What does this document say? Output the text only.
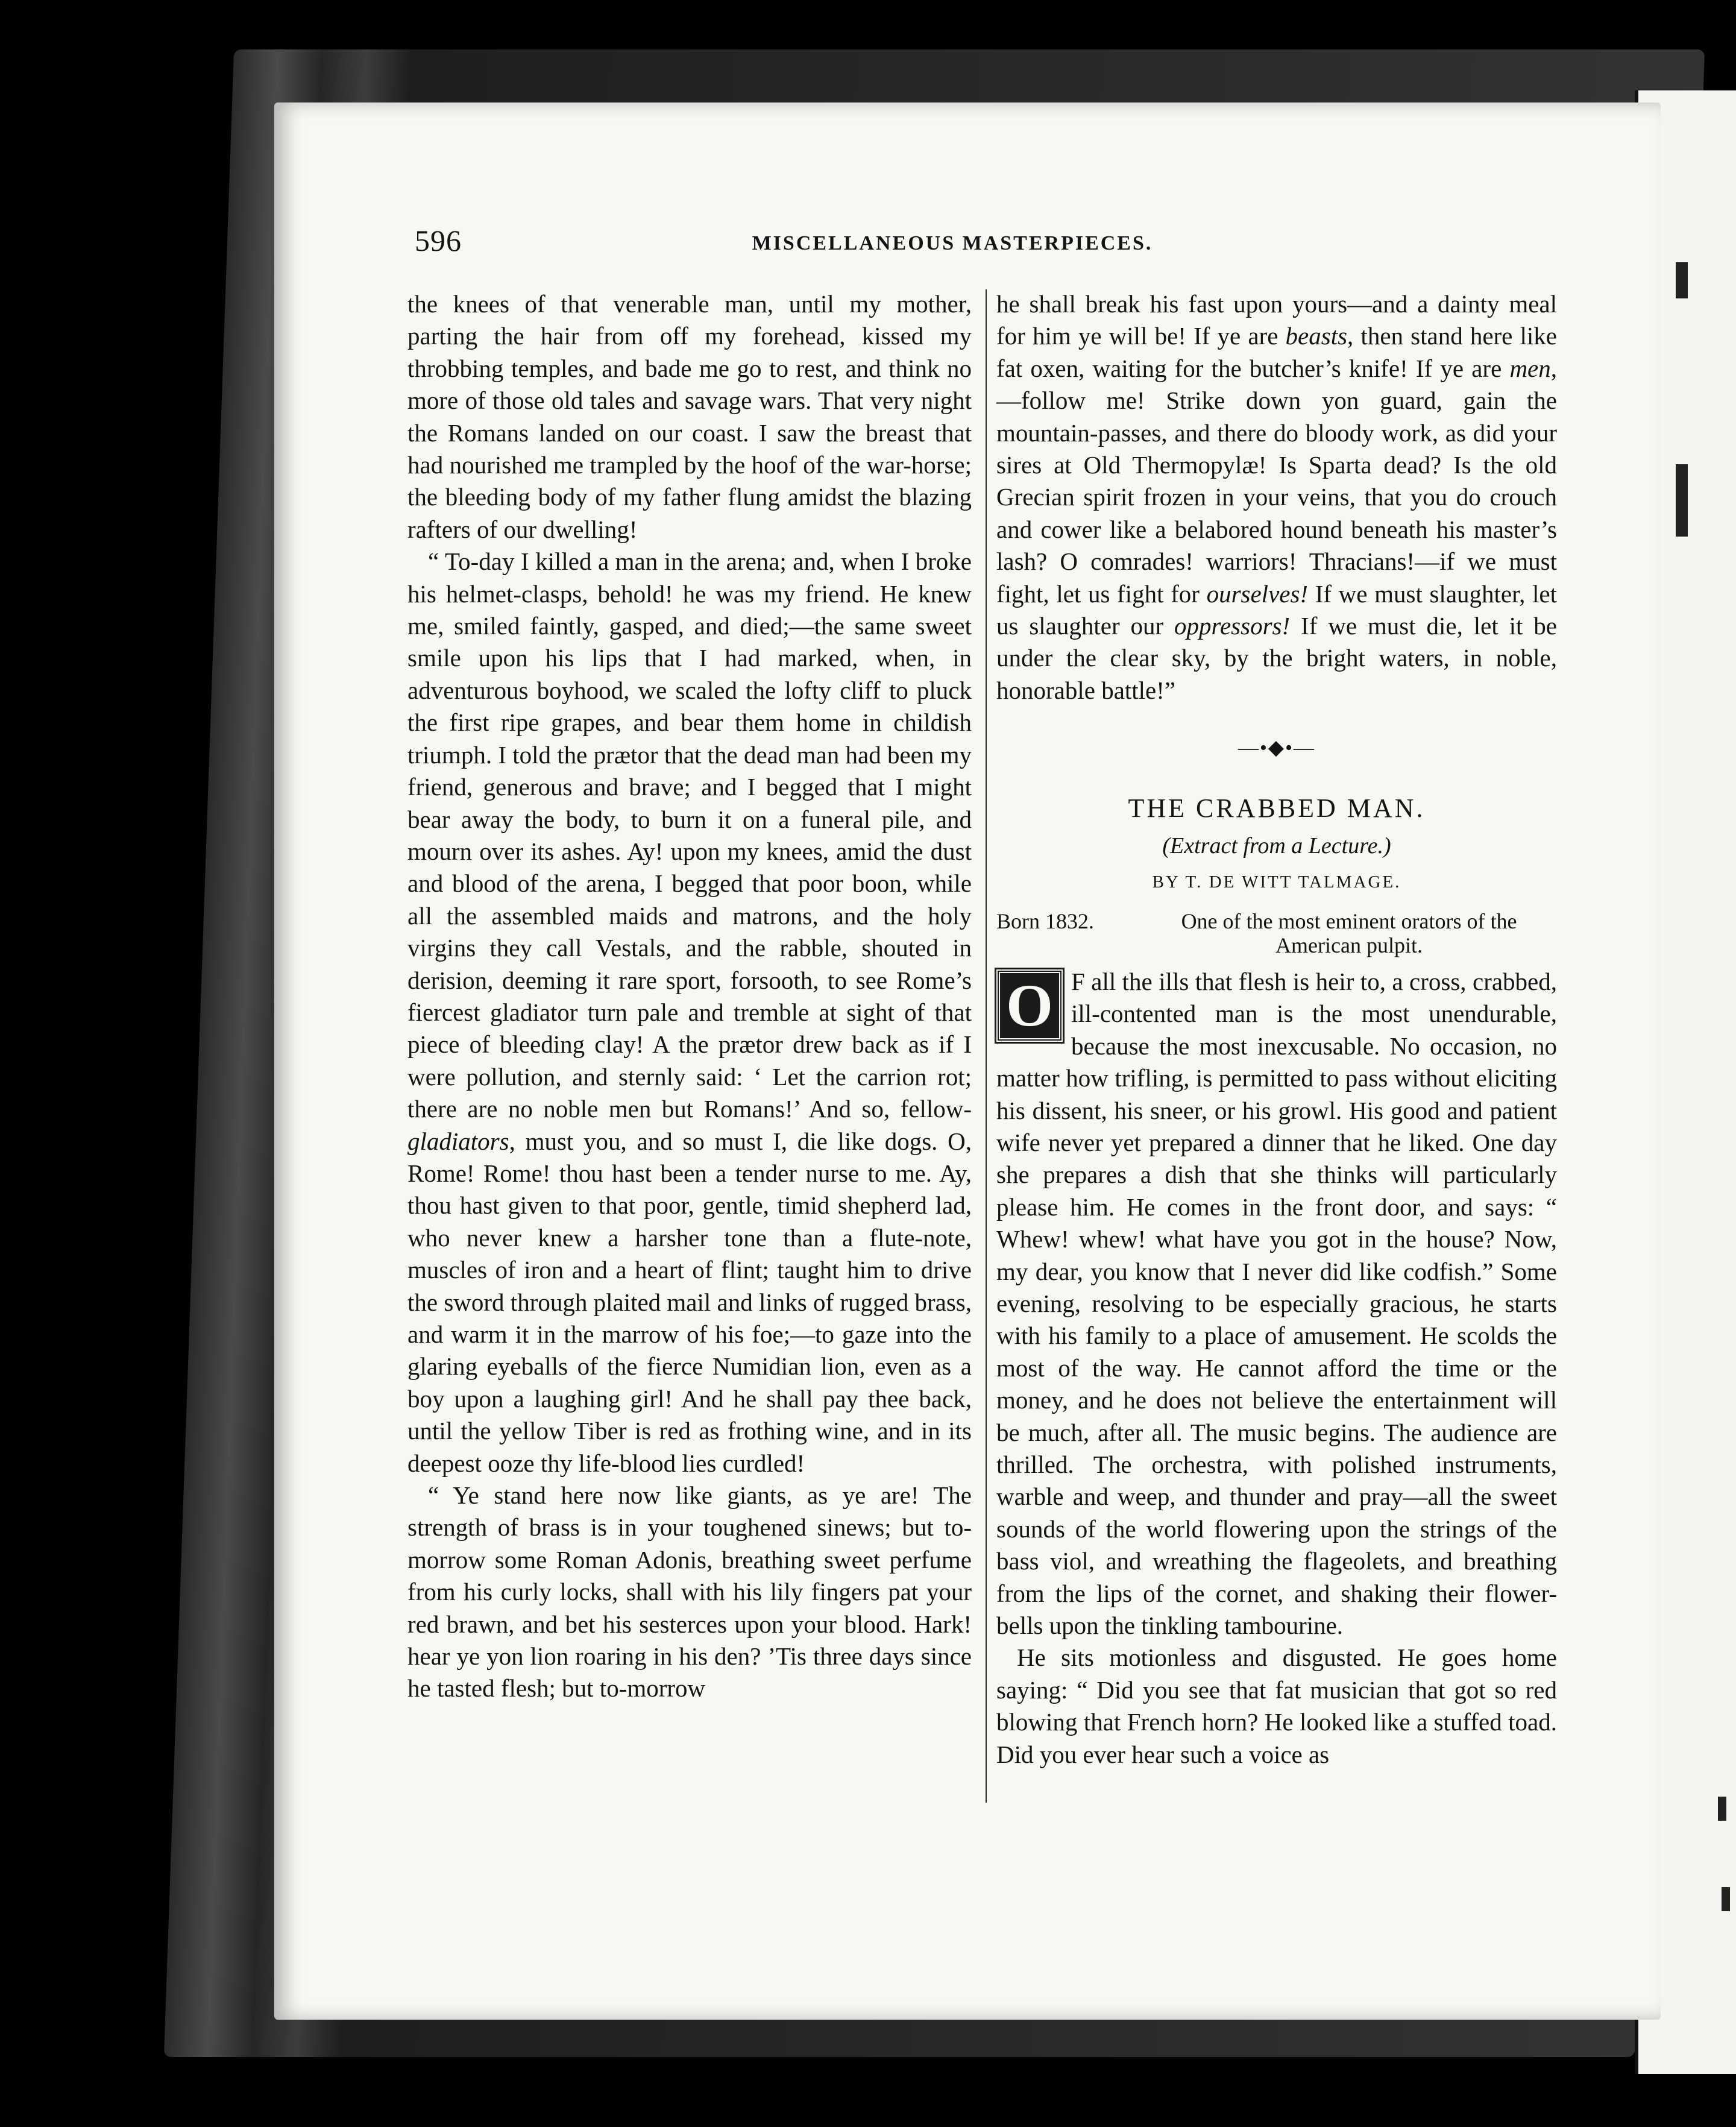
596	MISCELLANEOUS MASTERPIECES.

the knees of that venerable man, until my mother, parting the hair from off my forehead, kissed my throbbing temples, and bade me go to rest, and think no more of those old tales and savage wars. That very night the Romans landed on our coast. I saw the breast that had nourished me trampled by the hoof of the war-horse; the bleeding body of my father flung amidst the blazing rafters of our dwelling!

“ To-day I killed a man in the arena; and, when I broke his helmet-clasps, behold! he was my friend. He knew me, smiled faintly, gasped, and died;—the same sweet smile upon his lips that I had marked, when, in adventurous boyhood, we scaled the lofty cliff to pluck the first ripe grapes, and bear them home in childish triumph. I told the prætor that the dead man had been my friend, generous and brave; and I begged that I might bear away the body, to burn it on a funeral pile, and mourn over its ashes. Ay! upon my knees, amid the dust and blood of the arena, I begged that poor boon, while all the assembled maids and matrons, and the holy virgins they call Vestals, and the rabble, shouted in derision, deeming it rare sport, forsooth, to see Rome’s fiercest gladiator turn pale and tremble at sight of that piece of bleeding clay! A the prætor drew back as if I were pollution, and sternly said: ‘ Let the carrion rot; there are no noble men but Romans!’ And so, fellow-gladiators, must you, and so must I, die like dogs. O, Rome! Rome! thou hast been a tender nurse to me. Ay, thou hast given to that poor, gentle, timid shepherd lad, who never knew a harsher tone than a flute-note, muscles of iron and a heart of flint; taught him to drive the sword through plaited mail and links of rugged brass, and warm it in the marrow of his foe;—to gaze into the glaring eyeballs of the fierce Numidian lion, even as a boy upon a laughing girl! And he shall pay thee back, until the yellow Tiber is red as frothing wine, and in its deepest ooze thy life-blood lies curdled!

“ Ye stand here now like giants, as ye are! The strength of brass is in your toughened sinews; but to-morrow some Roman Adonis, breathing sweet perfume from his curly locks, shall with his lily fingers pat your red brawn, and bet his sesterces upon your blood. Hark! hear ye yon lion roaring in his den? ’Tis three days since he tasted flesh; but to-morrow

he shall break his fast upon yours—and a dainty meal for him ye will be! If ye are beasts, then stand here like fat oxen, waiting for the butcher’s knife! If ye are men,—follow me! Strike down yon guard, gain the mountain-passes, and there do bloody work, as did your sires at Old Thermopylæ! Is Sparta dead? Is the old Grecian spirit frozen in your veins, that you do crouch and cower like a belabored hound beneath his master’s lash? O comrades! warriors! Thracians!—if we must fight, let us fight for ourselves! If we must slaughter, let us slaughter our oppressors! If we must die, let it be under the clear sky, by the bright waters, in noble, honorable battle!”

—•◆•—
THE CRABBED MAN.
(Extract from a Lecture.)
BY T. DE WITT TALMAGE.
Born 1832.	One of the most eminent orators of the American pulpit.
O F all the ills that flesh is heir to, a cross, crabbed, ill-contented man is the most unendurable, because the most inexcusable. No occasion, no matter how trifling, is permitted to pass without eliciting his dissent, his sneer, or his growl. His good and patient wife never yet prepared a dinner that he liked. One day she prepares a dish that she thinks will particularly please him. He comes in the front door, and says: “ Whew! whew! what have you got in the house? Now, my dear, you know that I never did like codfish.” Some evening, resolving to be especially gracious, he starts with his family to a place of amusement. He scolds the most of the way. He cannot afford the time or the money, and he does not believe the entertainment will be much, after all. The music begins. The audience are thrilled. The orchestra, with polished instruments, warble and weep, and thunder and pray—all the sweet sounds of the world flowering upon the strings of the bass viol, and wreathing the flageolets, and breathing from the lips of the cornet, and shaking their flower-bells upon the tinkling tambourine.

He sits motionless and disgusted. He goes home saying: “ Did you see that fat musician that got so red blowing that French horn? He looked like a stuffed toad. Did you ever hear such a voice as
